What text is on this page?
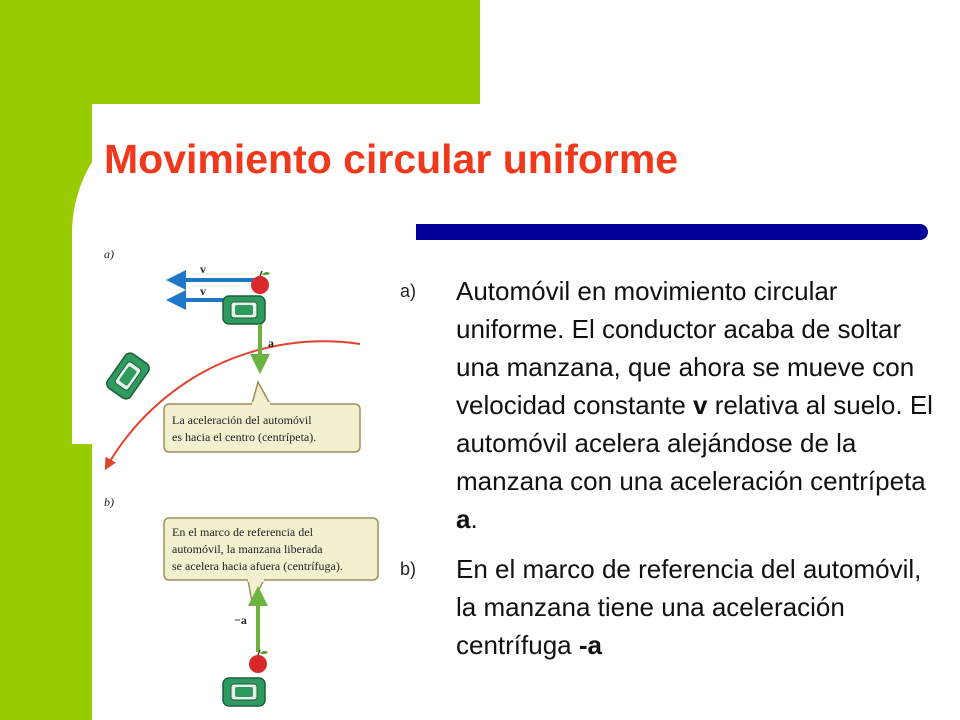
Movimiento circular uniforme
a)
v
v
a
La aceleración del automóvil
es hacia el centro (centrípeta).
b)
En el marco de referencia del
automóvil, la manzana liberada
se acelera hacia afuera (centrífuga).
−a
a)	Automóvil en movimiento circular uniforme. El conductor acaba de soltar una manzana, que ahora se mueve con velocidad constante v relativa al suelo. El automóvil acelera alejándose de la manzana con una aceleración centrípeta a.
b)	En el marco de referencia del automóvil, la manzana tiene una aceleración centrífuga -a
